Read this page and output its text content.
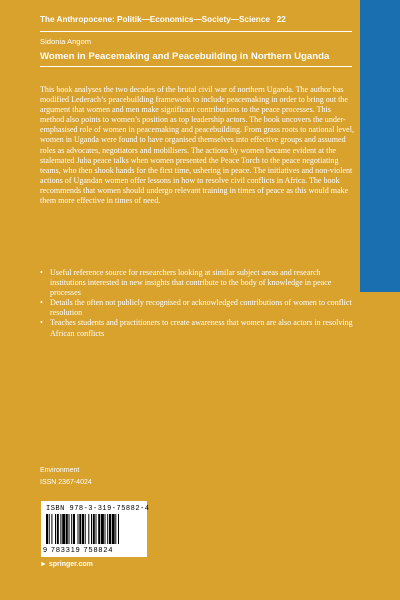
The Anthropocene: Politik—Economics—Society—Science 22
Sidonia Angom
Women in Peacemaking and Peacebuilding in Northern Uganda

This book analyses the two decades of the brutal civil war of northern Uganda. The author has modified Lederach’s peacebuilding framework to include peacemaking in order to bring out the argument that women and men make significant contributions to the peace processes. This method also points to women’s position as top leadership actors. The book uncovers the under-emphasised role of women in peacemaking and peacebuilding. From grass roots to national level, women in Uganda were found to have organised themselves into effective groups and assumed roles as advocates, negotiators and mobilisers. The actions by women became evident at the stalemated Juba peace talks when women presented the Peace Torch to the peace negotiating teams, who then shook hands for the first time, ushering in peace. The initiatives and non-violent actions of Ugandan women offer lessons in how to resolve civil conflicts in Africa. The book recommends that women should undergo relevant training in times of peace as this would make them more effective in times of need.

• Useful reference source for researchers looking at similar subject areas and research institutions interested in new insights that contribute to the body of knowledge in peace processes
• Details the often not publicly recognised or acknowledged contributions of women to conflict resolution
• Teaches students and practitioners to create awareness that women are also actors in resolving African conflicts
Environment
ISSN 2367-4024
ISBN 978-3-319-75882-4
9 783319 758824
► springer.com
